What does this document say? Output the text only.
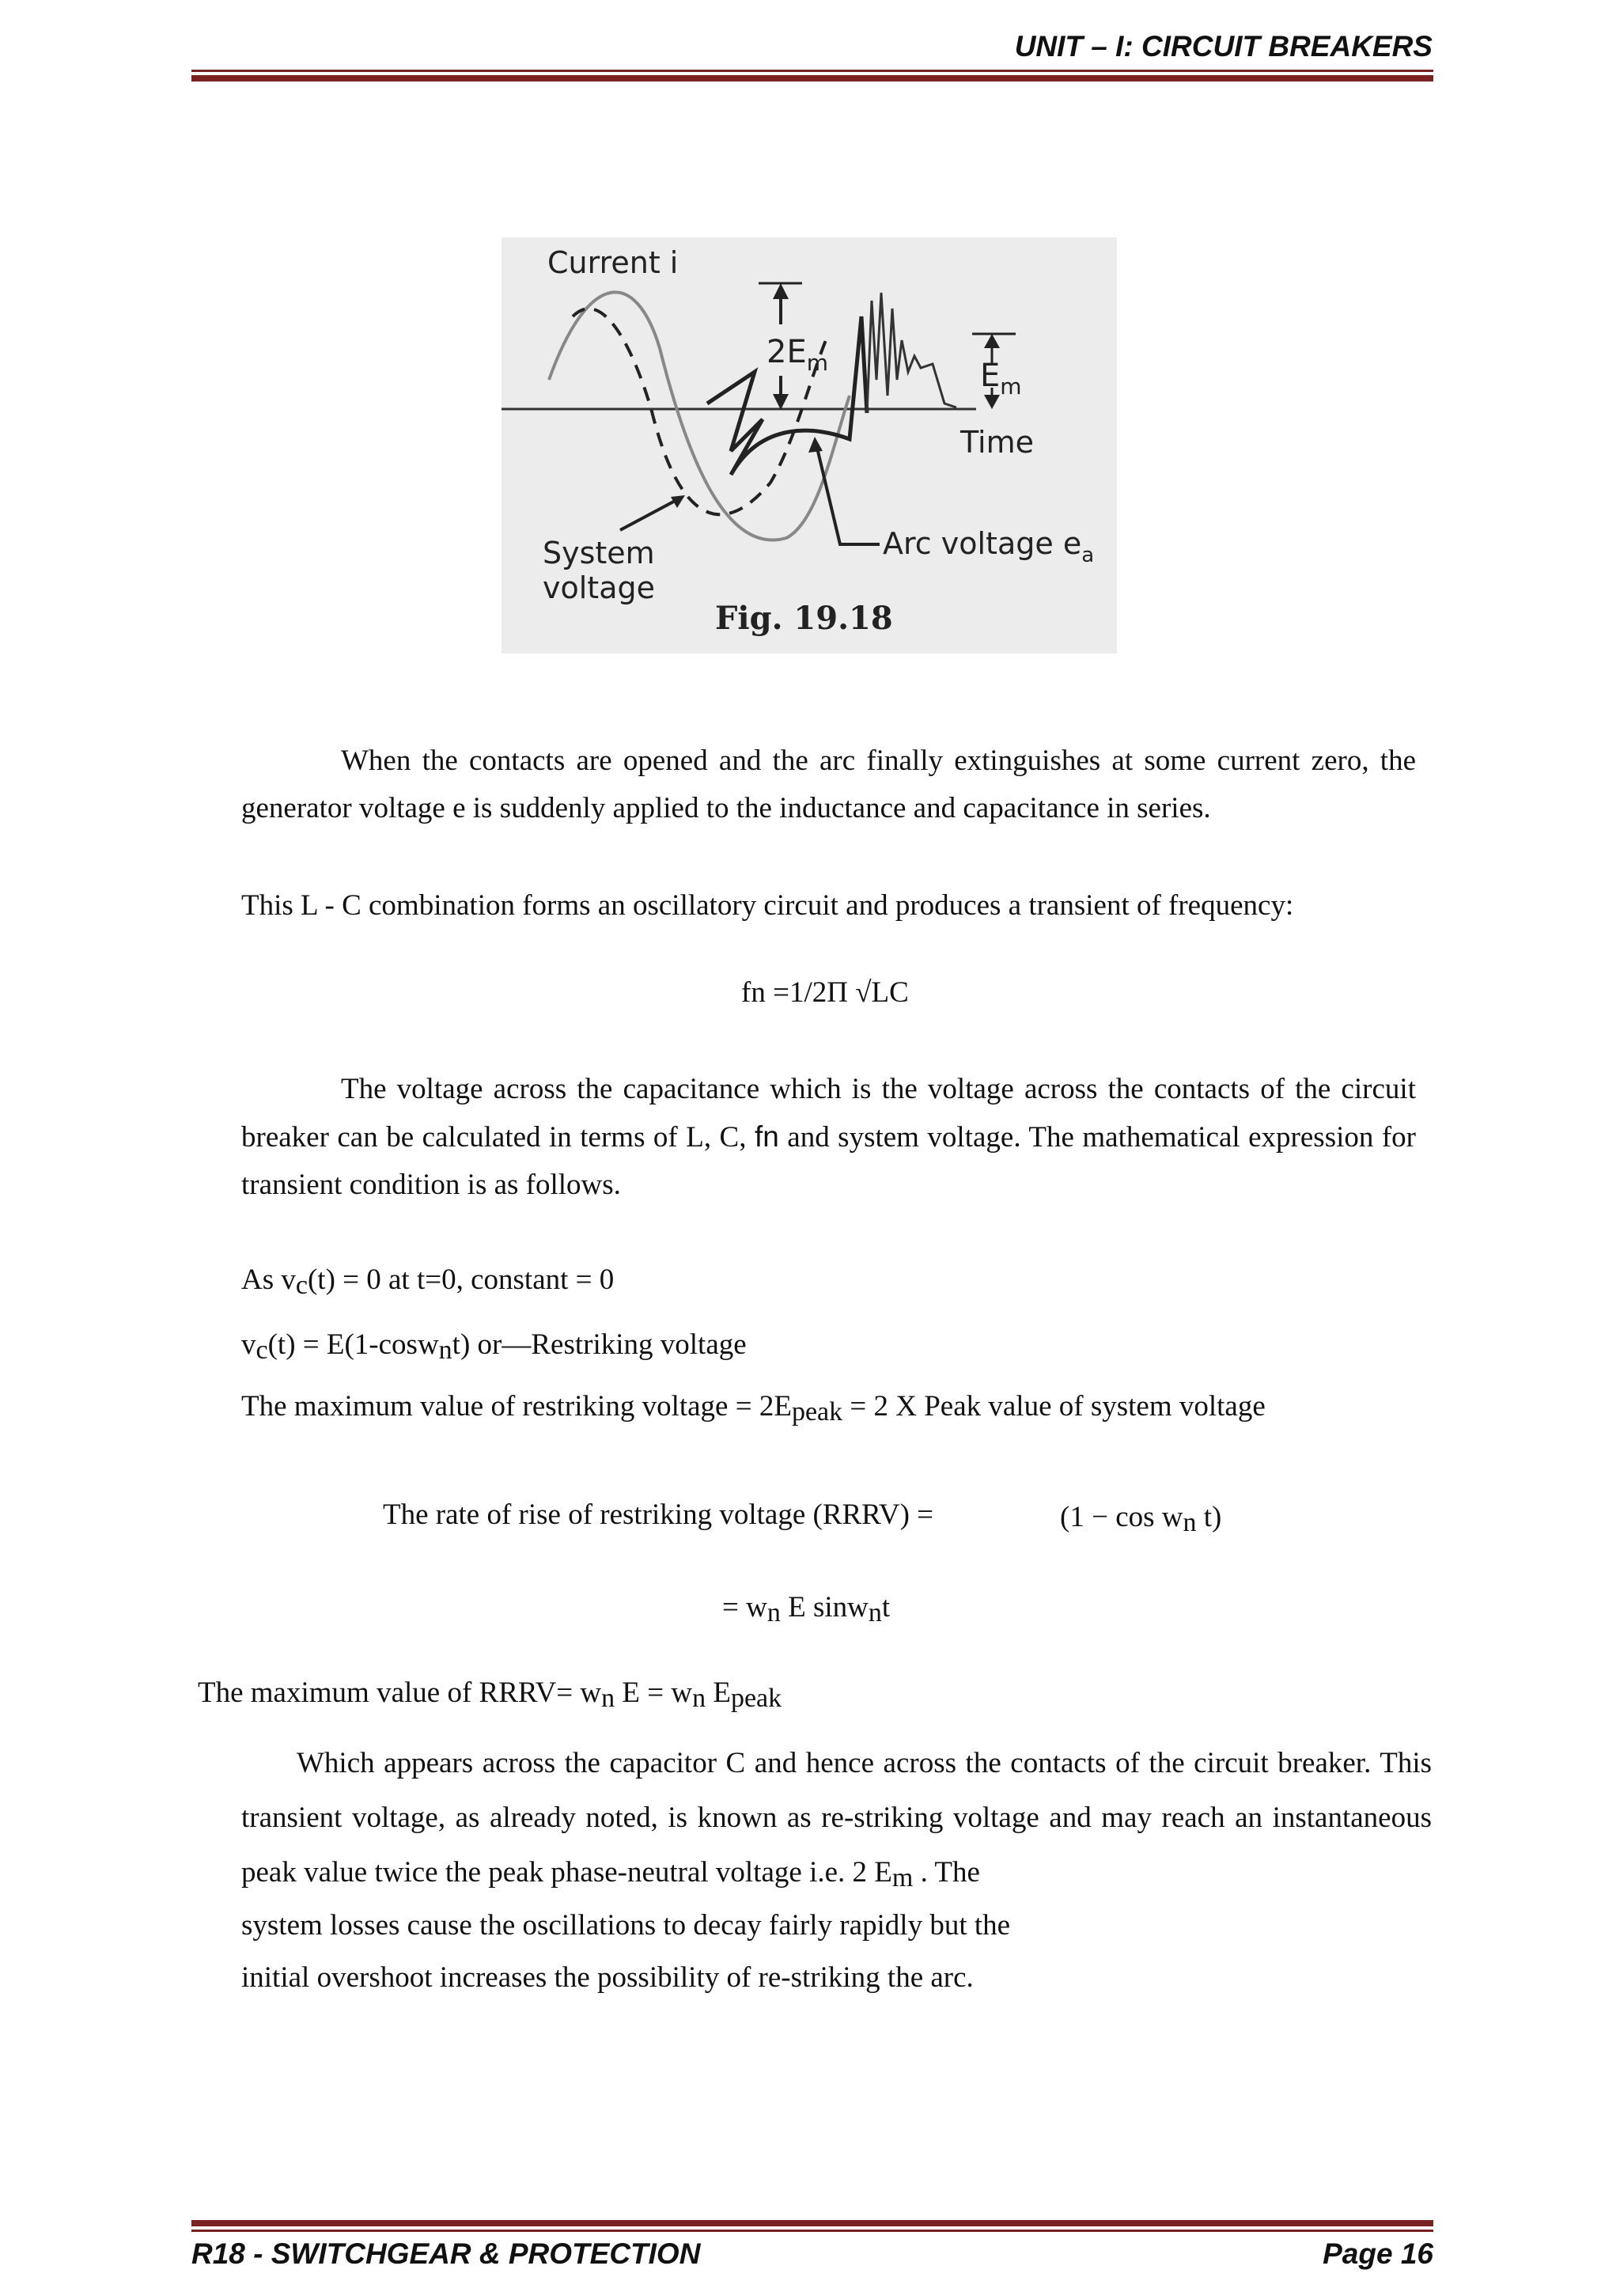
UNIT – I: CIRCUIT BREAKERS
$2E_m$	$E_m$
Current i
Time
System
voltage
Arc voltage $e_a$
Fig. 19.18

When the contacts are opened and the arc finally extinguishes at some current zero, the generator voltage e is suddenly applied to the inductance and capacitance in series.

This L - C combination forms an oscillatory circuit and produces a transient of frequency:
fn =1/2Π √LC

The voltage across the capacitance which is the voltage across the contacts of the circuit breaker can be calculated in terms of L, C, fn and system voltage. The mathematical expression for transient condition is as follows.

As $v_c(t) = 0$ at t=0, constant = 0
$v_c(t) = E(1-\cos w_nt)$ or—Restriking voltage
The maximum value of restriking voltage = $2E_{peak} = 2$ X Peak value of system voltage
The rate of rise of restriking voltage (RRRV) =	($1 - \cos w_n$ t)
= $w_n$ E sinw$_n$t
The maximum value of RRRV= $w_n$ $E = w_n$ $E_{peak}$

Which appears across the capacitor C and hence across the contacts of the circuit breaker. This transient voltage, as already noted, is known as re-striking voltage and may reach an instantaneous peak value twice the peak phase-neutral voltage i.e. 2 $E_m$ . The

system losses cause the oscillations to decay fairly rapidly but the
initial overshoot increases the possibility of re-striking the arc.
R18 - SWITCHGEAR & PROTECTION	Page 16
